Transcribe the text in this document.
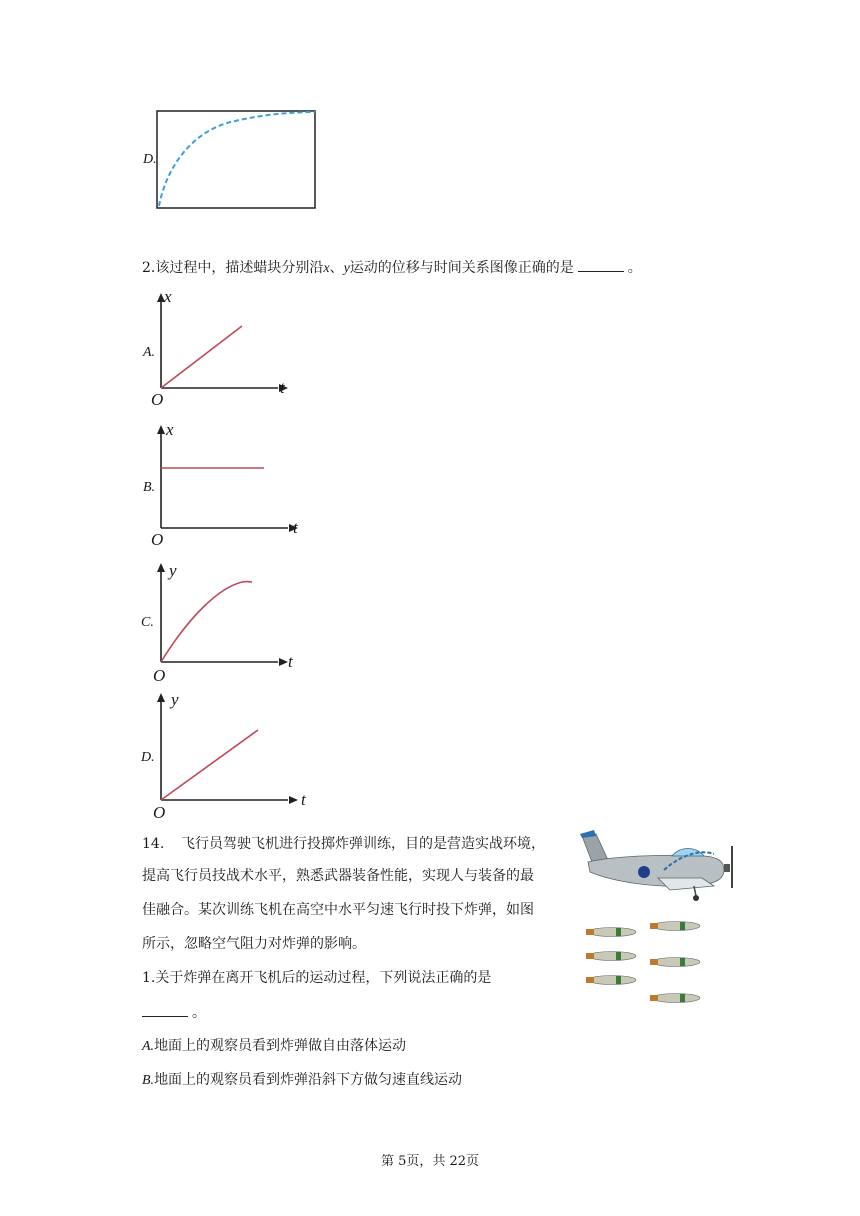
D.
2.该过程中，描述蜡块分别沿x、y运动的位移与时间关系图像正确的是	。
A.
x
t
O
B.
x
t
O
C.
y
t
O
D.
y
t
O
14. 飞行员驾驶飞机进行投掷炸弹训练，目的是营造实战环境，
提高飞行员技战术水平，熟悉武器装备性能，实现人与装备的最
佳融合。某次训练飞机在高空中水平匀速飞行时投下炸弹，如图
所示，忽略空气阻力对炸弹的影响。
1.关于炸弹在离开飞机后的运动过程，下列说法正确的是
。
A.地面上的观察员看到炸弹做自由落体运动
B.地面上的观察员看到炸弹沿斜下方做匀速直线运动
第 5页，共 22页
